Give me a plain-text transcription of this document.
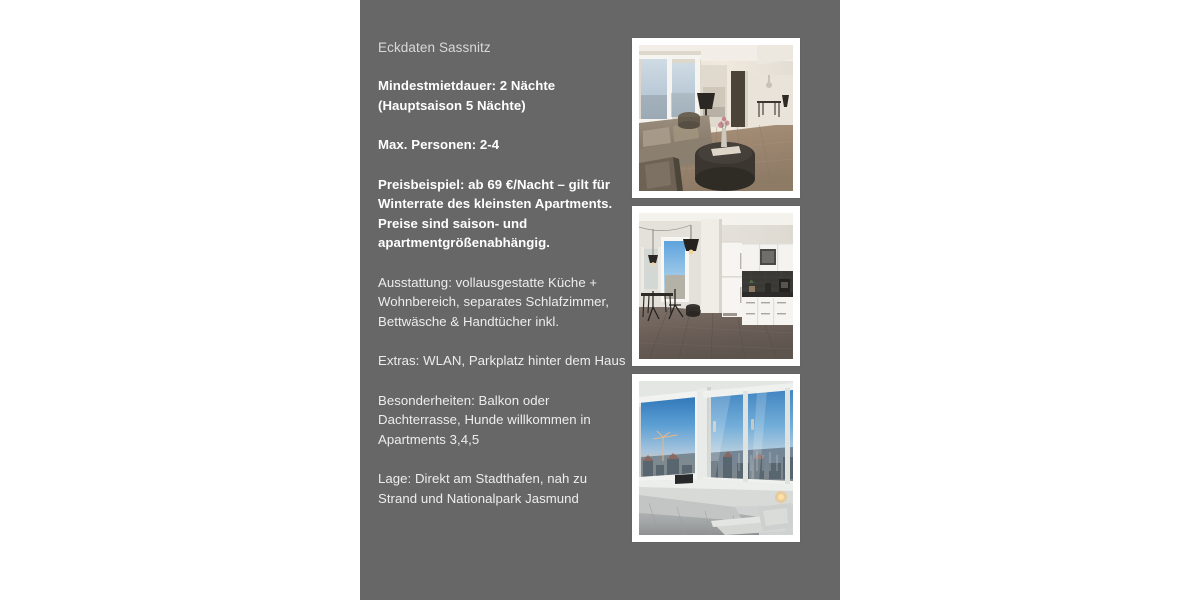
Eckdaten Sassnitz

Mindestmietdauer: 2 Nächte (Hauptsaison 5 Nächte)

Max. Personen: 2-4

Preisbeispiel: ab 69 €/Nacht – gilt für Winterrate des kleinsten Apartments. Preise sind saison- und apartmentgrößenabhängig.

Ausstattung: vollausgestatte Küche + Wohnbereich, separates Schlafzimmer, Bettwäsche & Handtücher inkl.

Extras: WLAN, Parkplatz hinter dem Haus

Besonderheiten: Balkon oder Dachterrasse, Hunde willkommen in Apartments 3,4,5

Lage: Direkt am Stadthafen, nah zu Strand und Nationalpark Jasmund
